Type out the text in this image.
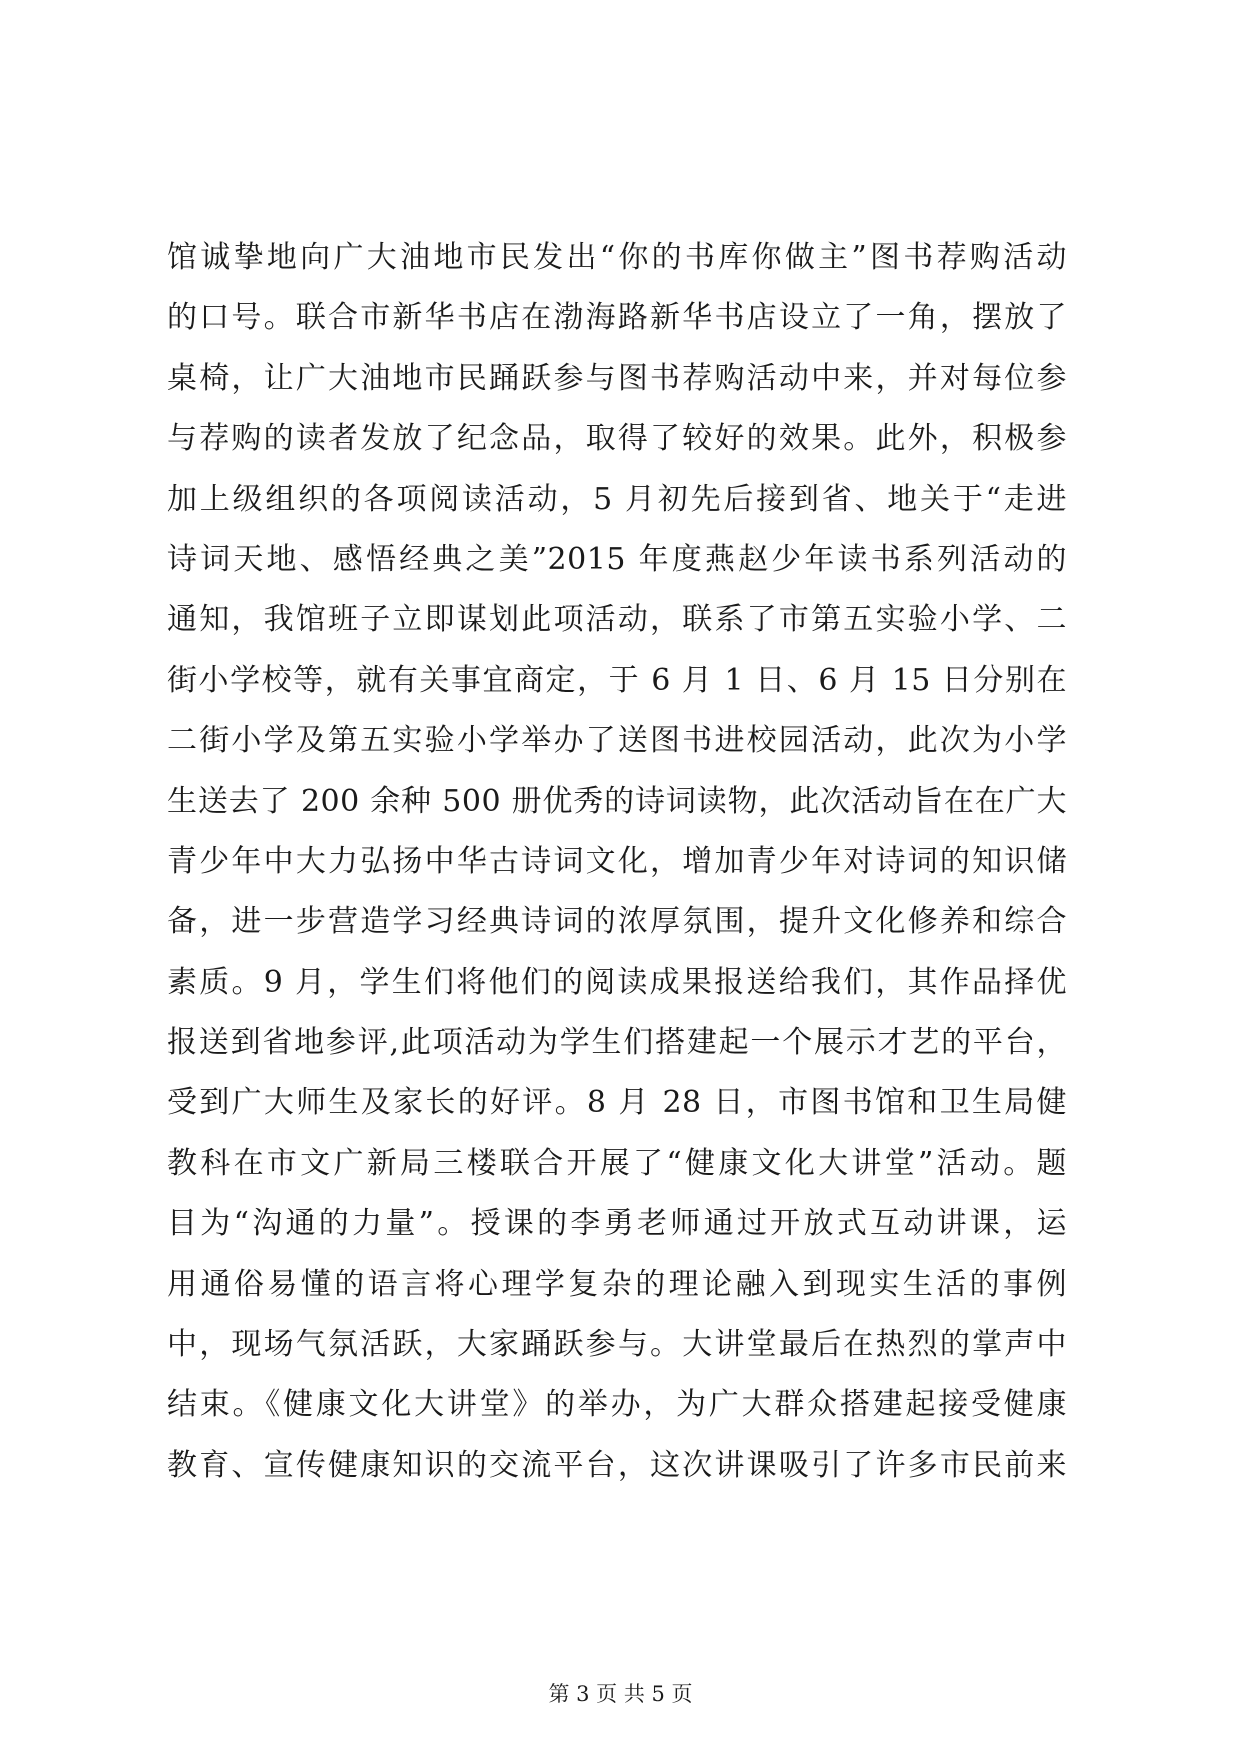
馆诚挚地向广大油地市民发出“你的书库你做主”图书荐购活动
的口号。联合市新华书店在渤海路新华书店设立了一角，摆放了
桌椅，让广大油地市民踊跃参与图书荐购活动中来，并对每位参
与荐购的读者发放了纪念品，取得了较好的效果。此外，积极参
加上级组织的各项阅读活动，5 月初先后接到省、地关于“走进
诗词天地、感悟经典之美”2015 年度燕赵少年读书系列活动的
通知，我馆班子立即谋划此项活动，联系了市第五实验小学、二
街小学校等，就有关事宜商定，于 6 月 1 日、6 月 15 日分别在
二街小学及第五实验小学举办了送图书进校园活动，此次为小学
生送去了 200 余种 500 册优秀的诗词读物，此次活动旨在在广大
青少年中大力弘扬中华古诗词文化，增加青少年对诗词的知识储
备，进一步营造学习经典诗词的浓厚氛围，提升文化修养和综合
素质。9 月，学生们将他们的阅读成果报送给我们，其作品择优
报送到省地参评,此项活动为学生们搭建起一个展示才艺的平台，
受到广大师生及家长的好评。8 月 28 日，市图书馆和卫生局健
教科在市文广新局三楼联合开展了“健康文化大讲堂”活动。题
目为“沟通的力量”。授课的李勇老师通过开放式互动讲课，运
用通俗易懂的语言将心理学复杂的理论融入到现实生活的事例
中，现场气氛活跃，大家踊跃参与。大讲堂最后在热烈的掌声中
结束。《健康文化大讲堂》的举办，为广大群众搭建起接受健康
教育、宣传健康知识的交流平台，这次讲课吸引了许多市民前来
第 3 页 共 5 页
